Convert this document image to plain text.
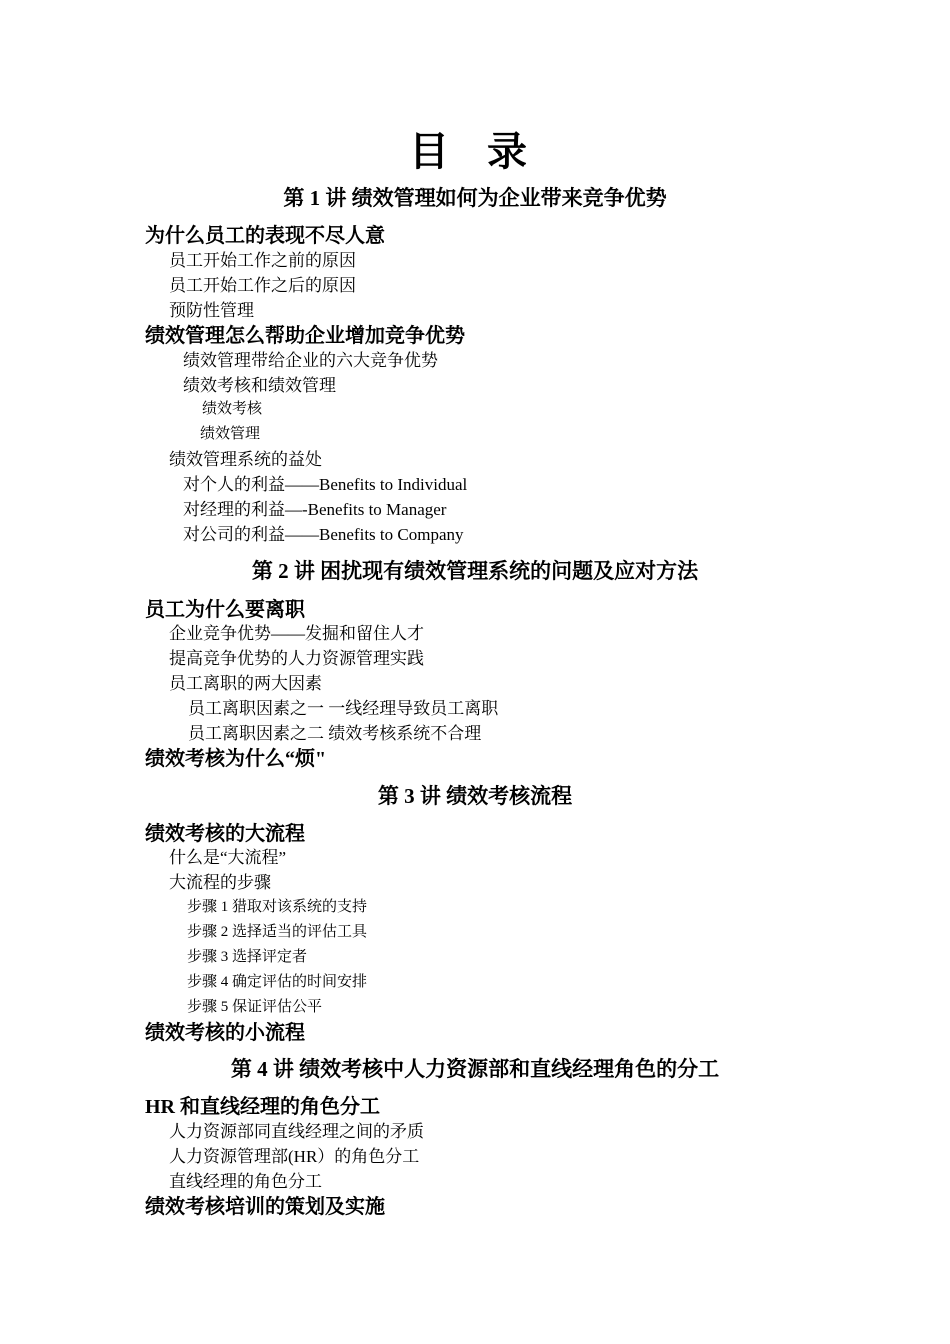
目 录
第 1 讲 绩效管理如何为企业带来竞争优势
为什么员工的表现不尽人意
员工开始工作之前的原因
员工开始工作之后的原因
预防性管理
绩效管理怎么帮助企业增加竞争优势
绩效管理带给企业的六大竞争优势
绩效考核和绩效管理
绩效考核
绩效管理
绩效管理系统的益处
对个人的利益——Benefits to Individual
对经理的利益—-Benefits to Manager
对公司的利益——Benefits to Company
第 2 讲 困扰现有绩效管理系统的问题及应对方法
员工为什么要离职
企业竞争优势——发掘和留住人才
提高竞争优势的人力资源管理实践
员工离职的两大因素
员工离职因素之一 一线经理导致员工离职
员工离职因素之二 绩效考核系统不合理
绩效考核为什么“烦"
第 3 讲 绩效考核流程
绩效考核的大流程
什么是“大流程”
大流程的步骤
步骤 1 猎取对该系统的支持
步骤 2 选择适当的评估工具
步骤 3 选择评定者
步骤 4 确定评估的时间安排
步骤 5 保证评估公平
绩效考核的小流程
第 4 讲 绩效考核中人力资源部和直线经理角色的分工
HR 和直线经理的角色分工
人力资源部同直线经理之间的矛质
人力资源管理部(HR）的角色分工
直线经理的角色分工
绩效考核培训的策划及实施
